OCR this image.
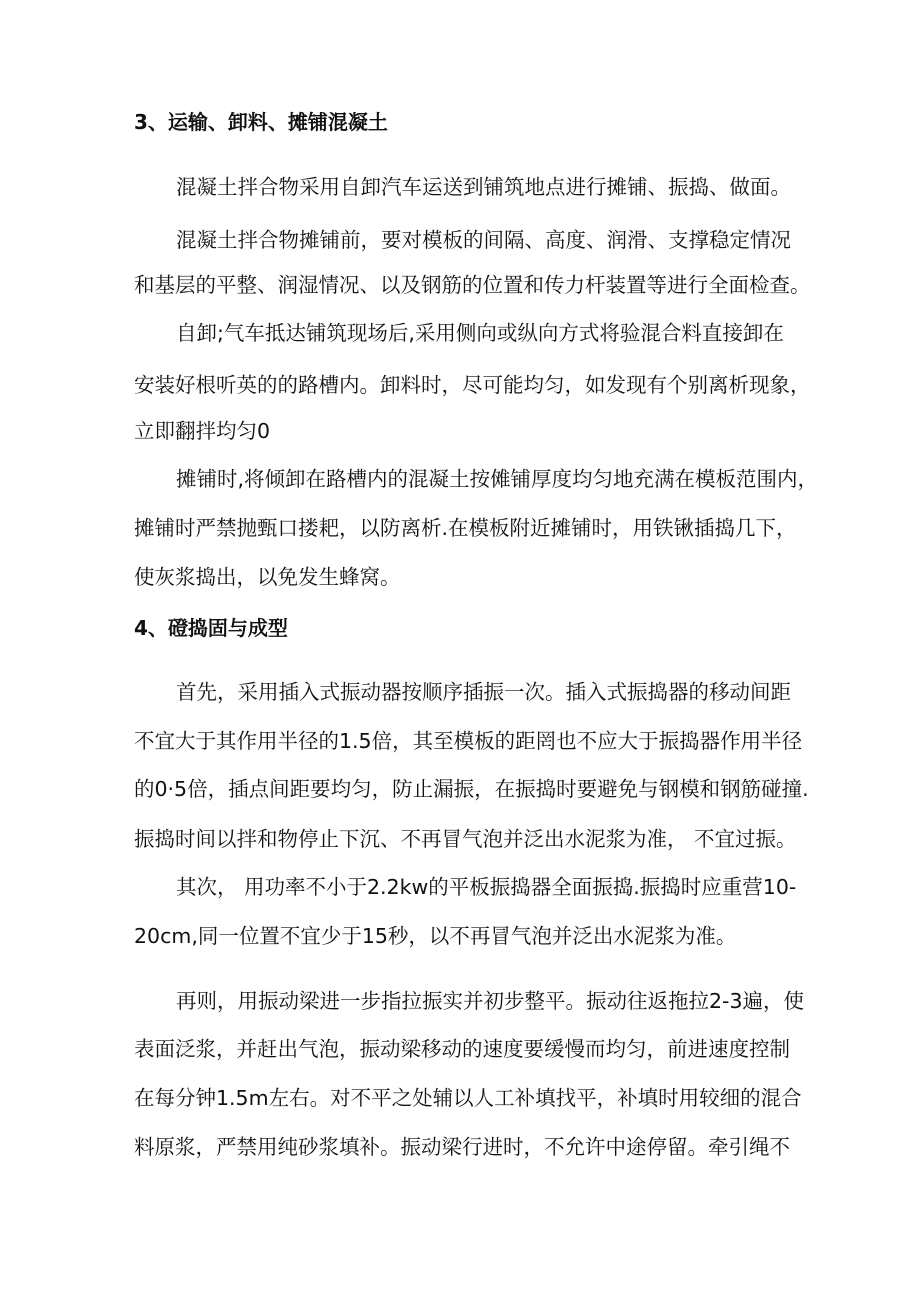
3、运输、卸料、摊铺混凝土

混凝土拌合物采用自卸汽车运送到铺筑地点进行摊铺、振捣、做面。

混凝土拌合物摊铺前，要对模板的间隔、高度、润滑、支撑稳定情况

和基层的平整、润湿情况、以及钢筋的位置和传力杆装置等进行全面检查。

自卸;气车抵达铺筑现场后,采用侧向或纵向方式将验混合料直接卸在

安装好根听英的的路槽内。卸料时，尽可能均匀，如发现有个别离析现象，

立即翻拌均匀0

摊铺时,将倾卸在路槽内的混凝土按傩铺厚度均匀地充满在模板范围内，

摊铺时严禁抛甄口搂耙，以防离析.在模板附近摊铺时，用铁锹插捣几下，

使灰浆捣出，以免发生蜂窝。

4、磴捣固与成型

首先，采用插入式振动器按顺序插振一次。插入式振捣器的移动间距

不宜大于其作用半径的1.5倍，其至模板的距罔也不应大于振捣器作用半径

的0·5倍，插点间距要均匀，防止漏振，在振捣时要避免与钢模和钢筋碰撞.

振捣时间以拌和物停止下沉、不再冒气泡并泛出水泥浆为准， 不宜过振。

其次， 用功率不小于2.2kw的平板振捣器全面振捣.振捣时应重营10-

20cm,同一位置不宜少于15秒，以不再冒气泡并泛出水泥浆为准。

再则，用振动梁进一步指拉振实并初步整平。振动往返拖拉2-3遍，使

表面泛浆，并赶出气泡，振动梁移动的速度要缓慢而均匀，前进速度控制

在每分钟1.5m左右。对不平之处辅以人工补填找平，补填时用较细的混合

料原浆，严禁用纯砂浆填补。振动梁行进时，不允许中途停留。牵引绳不
